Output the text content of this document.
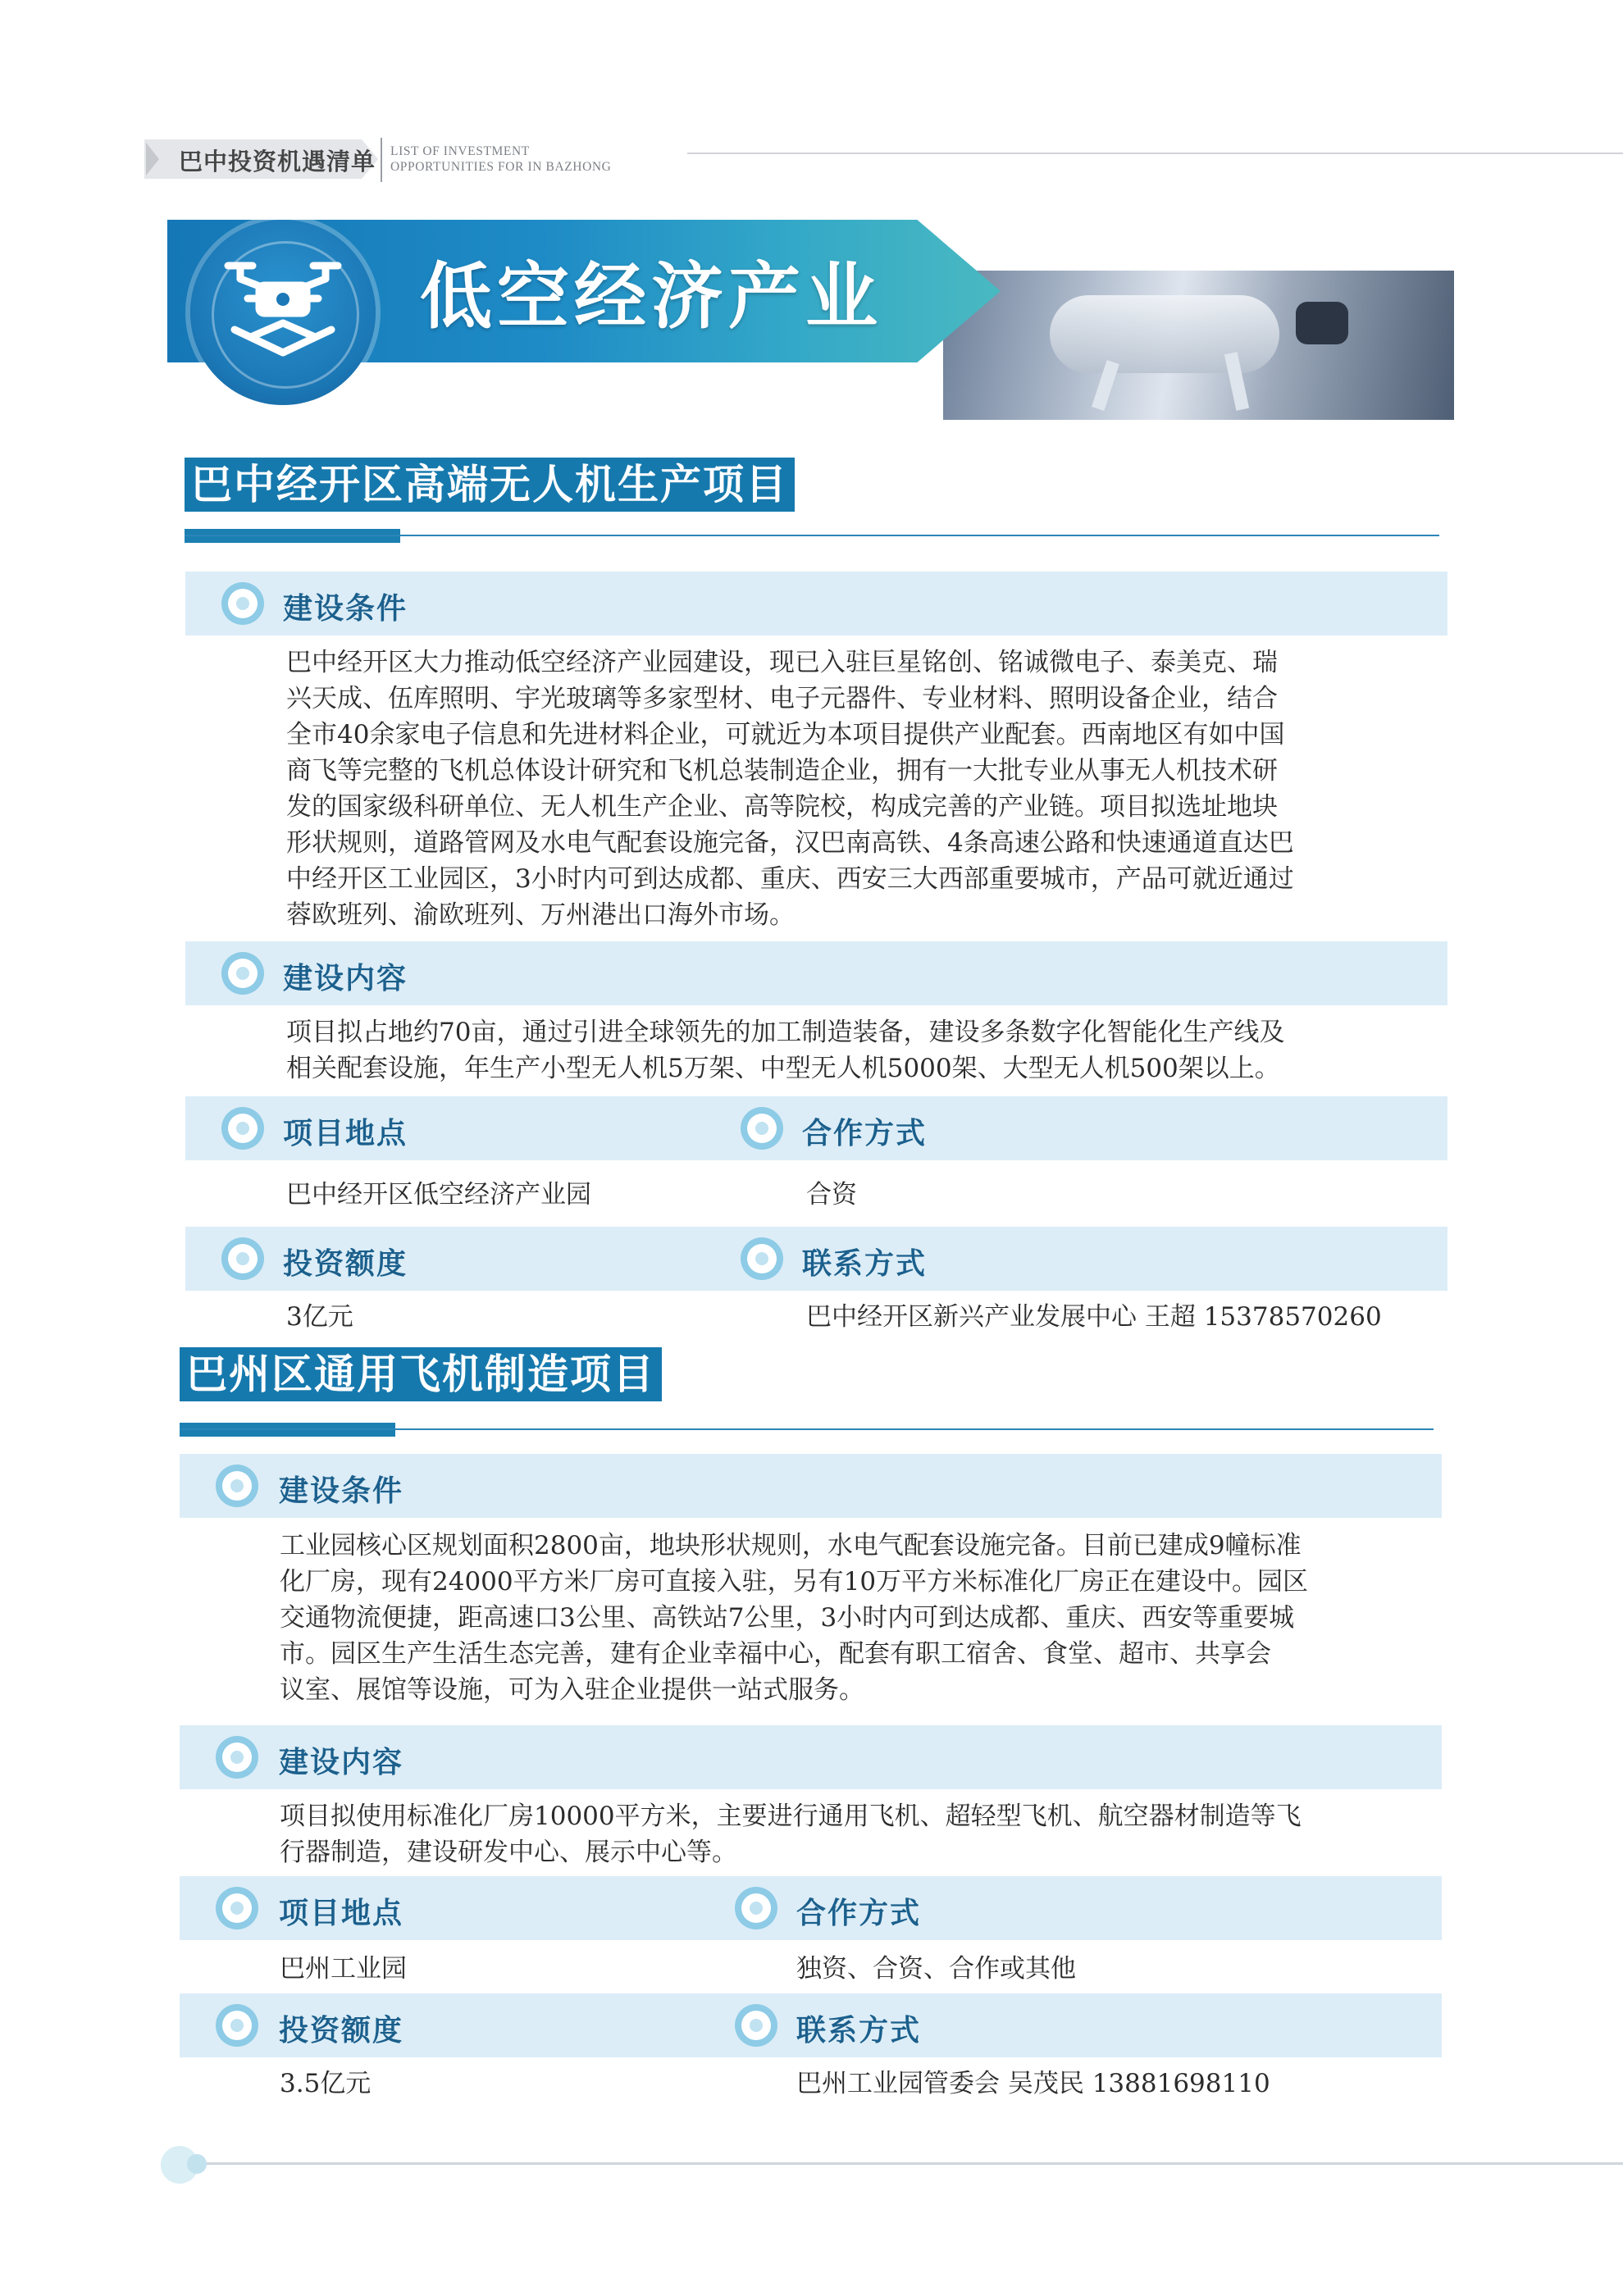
巴中投资机遇清单 LIST OF INVESTMENT
OPPORTUNITIES FOR IN BAZHONG
低空经济产业
巴中经开区高端无人机生产项目
建设条件
巴中经开区大力推动低空经济产业园建设，现已入驻巨星铭创、铭诚微电子、泰美克、瑞
兴天成、伍库照明、宇光玻璃等多家型材、电子元器件、专业材料、照明设备企业，结合
全市40余家电子信息和先进材料企业，可就近为本项目提供产业配套。西南地区有如中国
商飞等完整的飞机总体设计研究和飞机总装制造企业，拥有一大批专业从事无人机技术研
发的国家级科研单位、无人机生产企业、高等院校，构成完善的产业链。项目拟选址地块
形状规则，道路管网及水电气配套设施完备，汉巴南高铁、4条高速公路和快速通道直达巴
中经开区工业园区，3小时内可到达成都、重庆、西安三大西部重要城市，产品可就近通过
蓉欧班列、渝欧班列、万州港出口海外市场。
建设内容
项目拟占地约70亩，通过引进全球领先的加工制造装备，建设多条数字化智能化生产线及
相关配套设施，年生产小型无人机5万架、中型无人机5000架、大型无人机500架以上。
项目地点	合作方式
巴中经开区低空经济产业园	合资
投资额度	联系方式
3亿元	巴中经开区新兴产业发展中心 王超 15378570260
巴州区通用飞机制造项目
建设条件
工业园核心区规划面积2800亩，地块形状规则，水电气配套设施完备。目前已建成9幢标准
化厂房，现有24000平方米厂房可直接入驻，另有10万平方米标准化厂房正在建设中。园区
交通物流便捷，距高速口3公里、高铁站7公里，3小时内可到达成都、重庆、西安等重要城
市。园区生产生活生态完善，建有企业幸福中心，配套有职工宿舍、食堂、超市、共享会
议室、展馆等设施，可为入驻企业提供一站式服务。
建设内容
项目拟使用标准化厂房10000平方米，主要进行通用飞机、超轻型飞机、航空器材制造等飞
行器制造，建设研发中心、展示中心等。
项目地点	合作方式
巴州工业园	独资、合资、合作或其他
投资额度	联系方式
3.5亿元	巴州工业园管委会 吴茂民 13881698110
